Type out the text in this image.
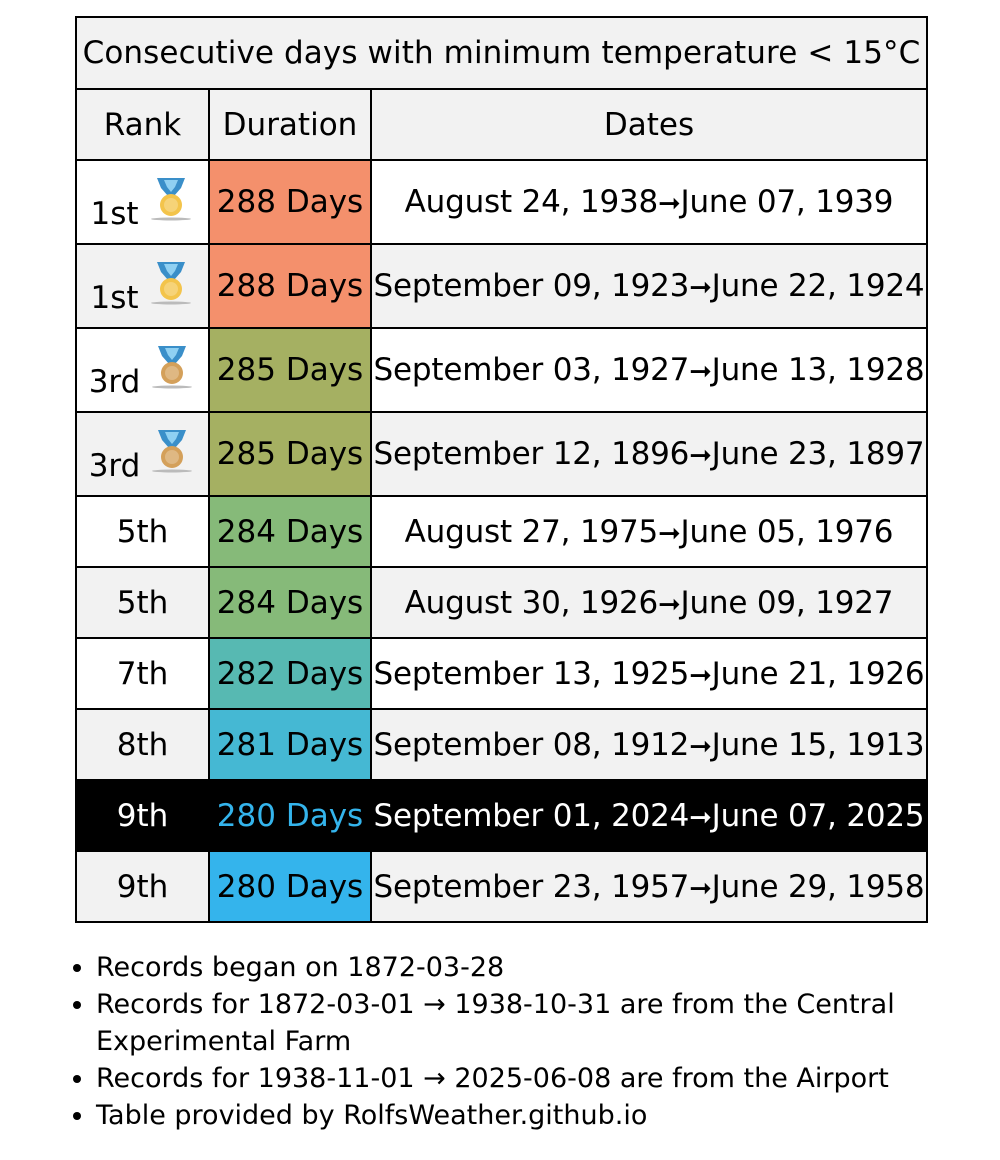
Consecutive days with minimum temperature < 15°C		
Rank	Duration	Dates

1st	288 Days	August 24, 1938➞June 07, 1939

1st	288 Days	September 09, 1923➞June 22, 1924

3rd	285 Days	September 03, 1927➞June 13, 1928

3rd	285 Days	September 12, 1896➞June 23, 1897
5th	284 Days	August 27, 1975➞June 05, 1976
5th	284 Days	August 30, 1926➞June 09, 1927
7th	282 Days	September 13, 1925➞June 21, 1926
8th	281 Days	September 08, 1912➞June 15, 1913
9th	280 Days	September 01, 2024➞June 07, 2025
9th	280 Days	September 23, 1957➞June 29, 1958
• Records began on 1872-03-28
• Records for 1872-03-01 → 1938-10-31 are from the Central Experimental Farm
• Records for 1938-11-01 → 2025-06-08 are from the Airport
• Table provided by RolfsWeather.github.io
